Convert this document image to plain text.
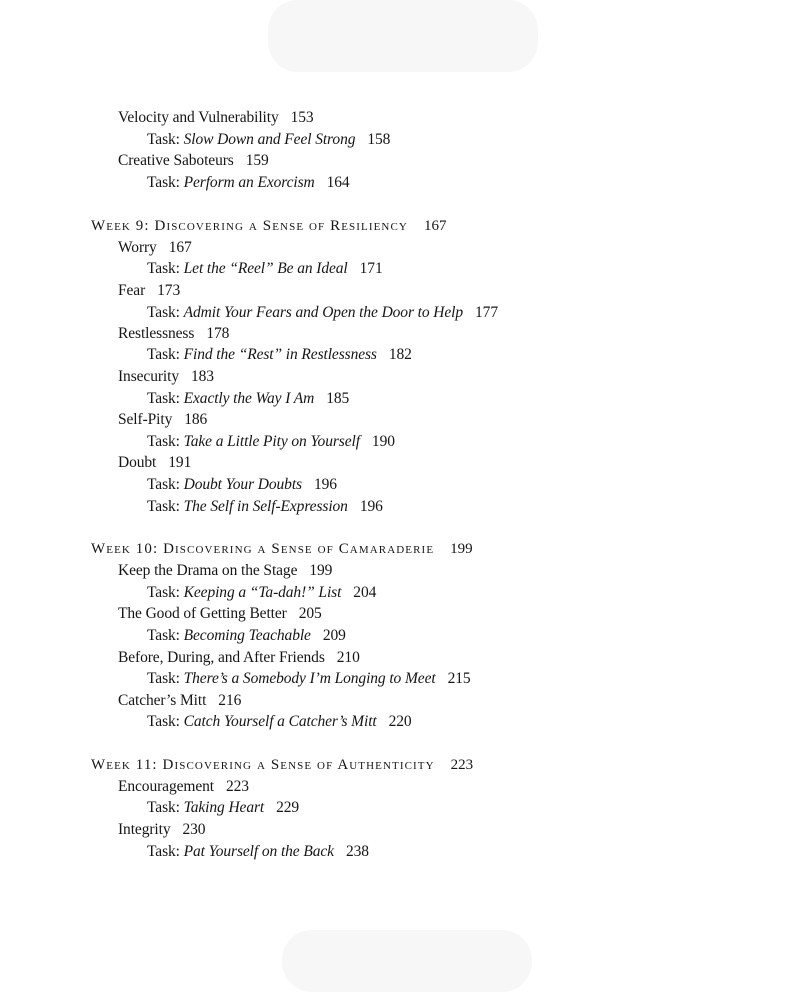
Velocity and Vulnerability 153
Task: Slow Down and Feel Strong 158
Creative Saboteurs 159
Task: Perform an Exorcism 164
Week 9: Discovering a Sense of Resiliency 167
Worry 167
Task: Let the “Reel” Be an Ideal 171
Fear 173
Task: Admit Your Fears and Open the Door to Help 177
Restlessness 178
Task: Find the “Rest” in Restlessness 182
Insecurity 183
Task: Exactly the Way I Am 185
Self-Pity 186
Task: Take a Little Pity on Yourself 190
Doubt 191
Task: Doubt Your Doubts 196
Task: The Self in Self-Expression 196
Week 10: Discovering a Sense of Camaraderie 199
Keep the Drama on the Stage 199
Task: Keeping a “Ta-dah!” List 204
The Good of Getting Better 205
Task: Becoming Teachable 209
Before, During, and After Friends 210
Task: There’s a Somebody I’m Longing to Meet 215
Catcher’s Mitt 216
Task: Catch Yourself a Catcher’s Mitt 220
Week 11: Discovering a Sense of Authenticity 223
Encouragement 223
Task: Taking Heart 229
Integrity 230
Task: Pat Yourself on the Back 238
